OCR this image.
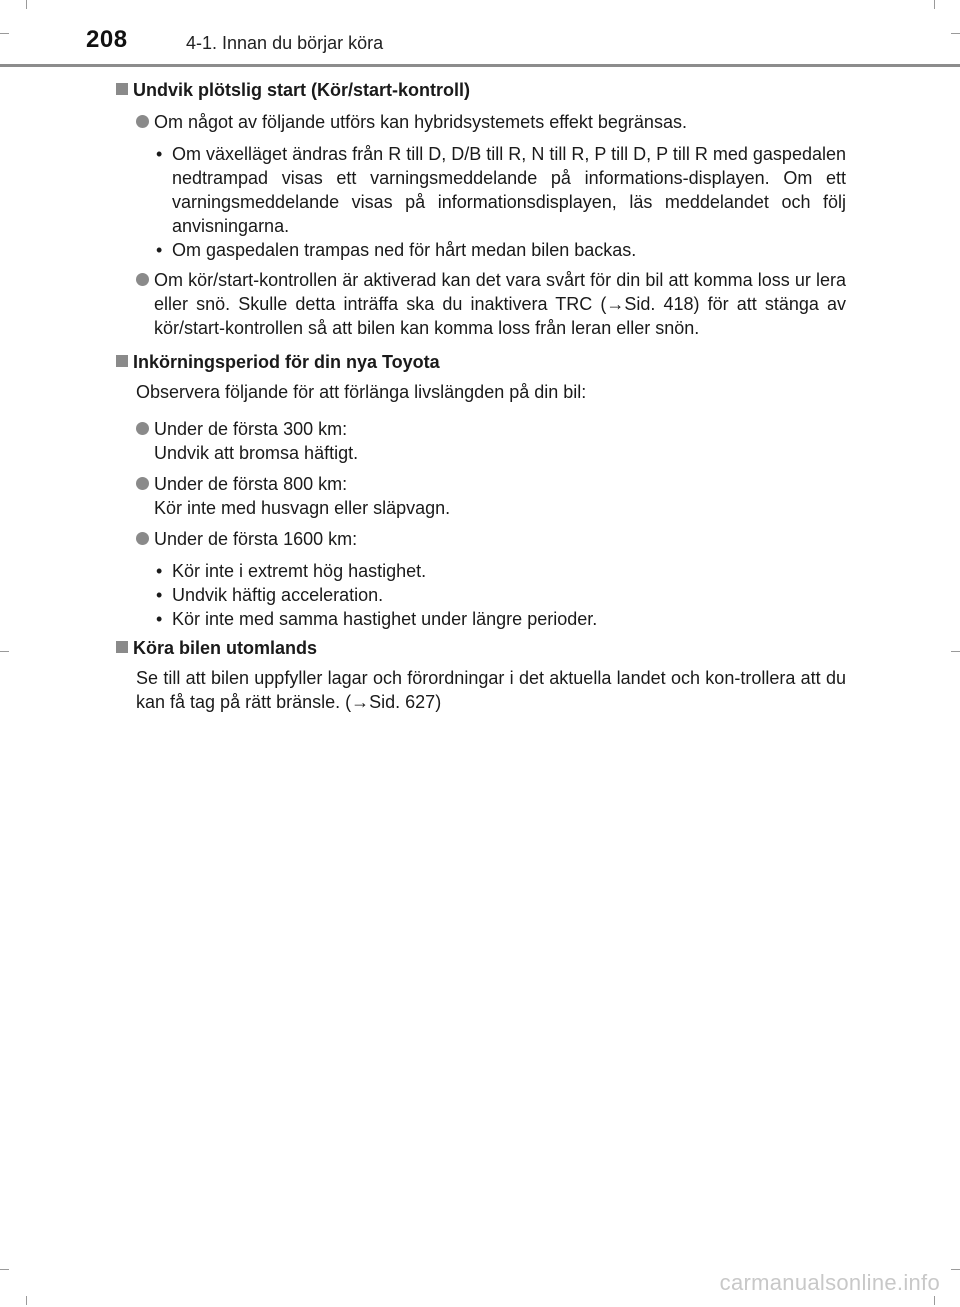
208	4-1. Innan du börjar köra
Undvik plötslig start (Kör/start-kontroll)
Om något av följande utförs kan hybridsystemets effekt begränsas.
• Om växelläget ändras från R till D, D/B till R, N till R, P till D, P till R med gaspedalen nedtrampad visas ett varningsmeddelande på informations-displayen. Om ett varningsmeddelande visas på informationsdisplayen, läs meddelandet och följ anvisningarna.
• Om gaspedalen trampas ned för hårt medan bilen backas.
Om kör/start-kontrollen är aktiverad kan det vara svårt för din bil att komma loss ur lera eller snö. Skulle detta inträffa ska du inaktivera TRC (→Sid. 418) för att stänga av kör/start-kontrollen så att bilen kan komma loss från leran eller snön.
Inkörningsperiod för din nya Toyota
Observera följande för att förlänga livslängden på din bil:
Under de första 300 km:
Undvik att bromsa häftigt.
Under de första 800 km:
Kör inte med husvagn eller släpvagn.
Under de första 1600 km:
• Kör inte i extremt hög hastighet.
• Undvik häftig acceleration.
• Kör inte med samma hastighet under längre perioder.
Köra bilen utomlands
Se till att bilen uppfyller lagar och förordningar i det aktuella landet och kon-trollera att du kan få tag på rätt bränsle. (→Sid. 627)
carmanualsonline.info
